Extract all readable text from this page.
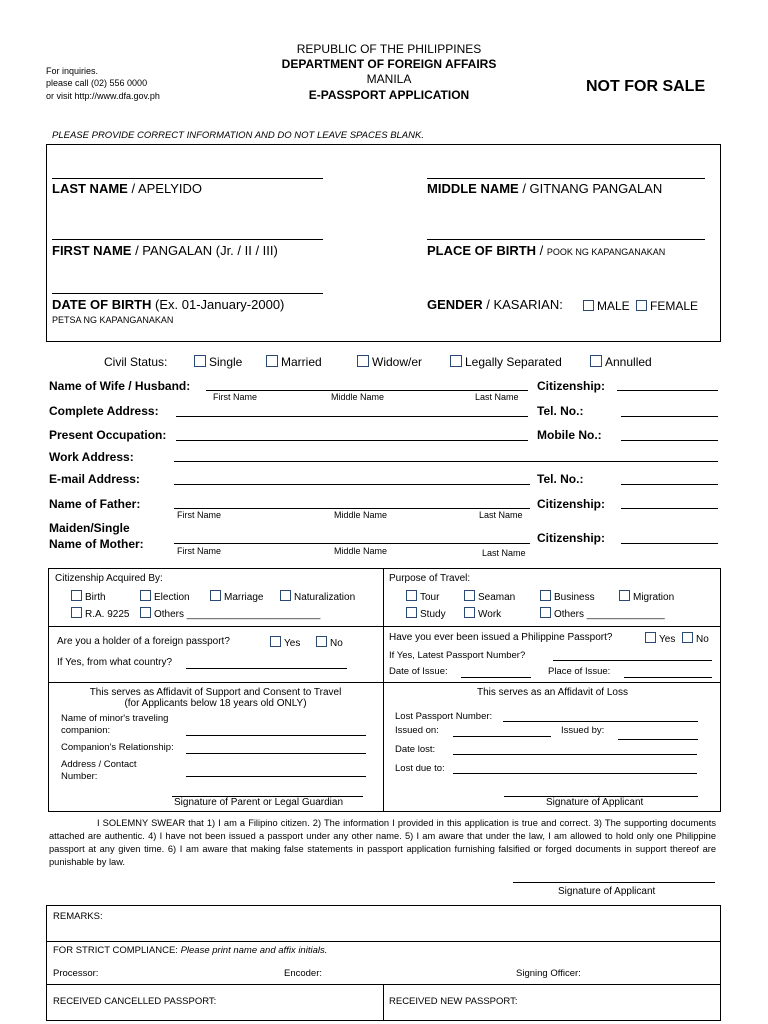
For inquiries.
please call (02) 556 0000
or visit http://www.dfa.gov.ph
REPUBLIC OF THE PHILIPPINES
DEPARTMENT OF FOREIGN AFFAIRS
MANILA
E-PASSPORT APPLICATION	NOT FOR SALE
PLEASE PROVIDE CORRECT INFORMATION AND DO NOT LEAVE SPACES BLANK.
LAST NAME / APELYIDO	MIDDLE NAME / GITNANG PANGALAN
FIRST NAME / PANGALAN (Jr. / II / III)	PLACE OF BIRTH / POOK NG KAPANGANAKAN
DATE OF BIRTH (Ex. 01-January-2000)
PETSA NG KAPANGANAKAN
GENDER / KASARIAN:	MALE	FEMALE
Civil Status:	Single	Married	Widow/er	Legally Separated	Annulled
Name of Wife / Husband:
First Name	Middle Name	Last Name
Citizenship:
Complete Address:	Tel. No.:
Present Occupation:	Mobile No.:
Work Address:
E-mail Address:	Tel. No.:
Name of Father:
First Name	Middle Name	Last Name
Citizenship:
Maiden/Single
Name of Mother:	First Name	Middle Name	Last Name
Citizenship:
Citizenship Acquired By:
Birth	Election	Marriage	Naturalization
R.A. 9225	Others ________________________
Purpose of Travel:
Tour	Seaman	Business	Migration
Study	Work	Others ______________
Are you a holder of a foreign passport?	Yes	No
If Yes, from what country?
Have you ever been issued a Philippine Passport?	Yes	No
If Yes, Latest Passport Number?
Date of Issue:	Place of Issue:
This serves as Affidavit of Support and Consent to Travel
(for Applicants below 18 years old ONLY)
Name of minor's traveling
companion:
Companion's Relationship:
Address / Contact
Number:
Signature of Parent or Legal Guardian
This serves as an Affidavit of Loss
Lost Passport Number:
Issued on:	Issued by:
Date lost:
Lost due to:
Signature of Applicant
I SOLEMNY SWEAR that 1) I am a Filipino citizen. 2) The information I provided in this application is true and correct. 3) The supporting documents attached are authentic. 4) I have not been issued a passport under any other name. 5) I am aware that under the law, I am allowed to hold only one Philippine passport at any given time. 6) I am aware that making false statements in passport application furnishing falsified or forged documents in support thereof are punishable by law.
Signature of Applicant
REMARKS:
FOR STRICT COMPLIANCE: Please print name and affix initials.
Processor:	Encoder:	Signing Officer:
RECEIVED CANCELLED PASSPORT:	RECEIVED NEW PASSPORT:
